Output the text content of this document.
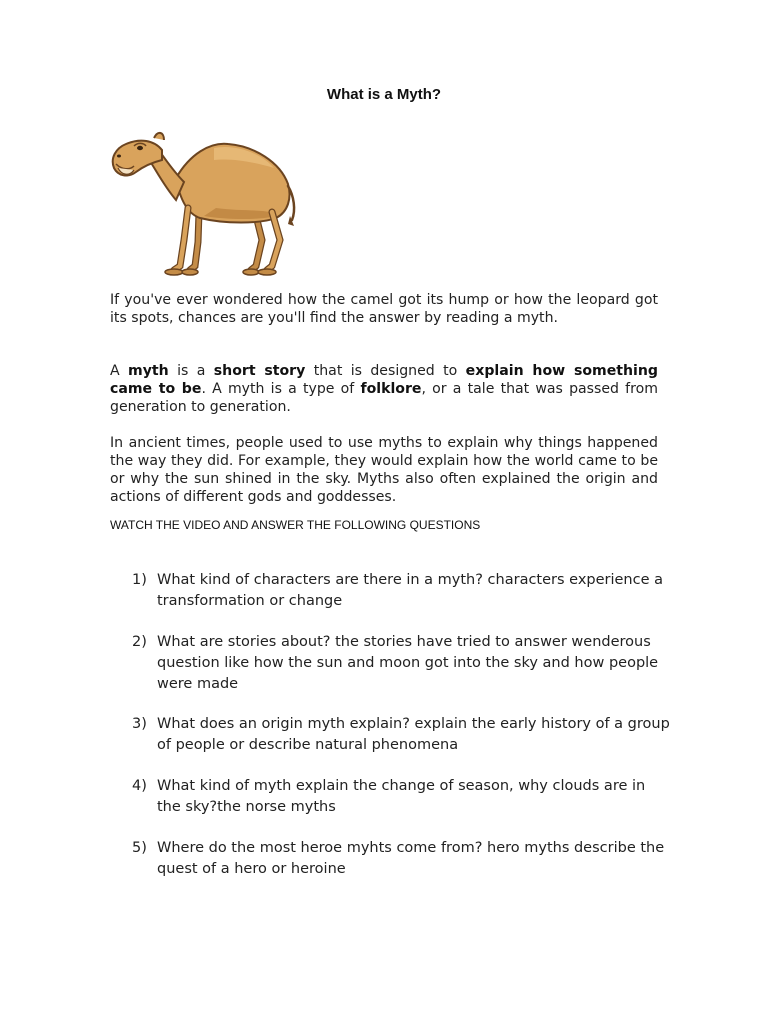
What is a Myth?
If you've ever wondered how the camel got its hump or how the leopard got its spots, chances are you'll find the answer by reading a myth.
A myth is a short story that is designed to explain how something came to be. A myth is a type of folklore, or a tale that was passed from generation to generation.
In ancient times, people used to use myths to explain why things happened the way they did. For example, they would explain how the world came to be or why the sun shined in the sky. Myths also often explained the origin and actions of different gods and goddesses.
WATCH THE VIDEO AND ANSWER THE FOLLOWING QUESTIONS
1) What kind of characters are there in a myth? characters experience a transformation or change
2) What are stories about? the stories have tried to answer wenderous question like how the sun and moon got into the sky and how people were made
3) What does an origin myth explain? explain the early history of a group of people or describe natural phenomena
4) What kind of myth explain the change of season, why clouds are in the sky?the norse myths
5) Where do the most heroe myhts come from? hero myths describe the quest of a hero or heroine
